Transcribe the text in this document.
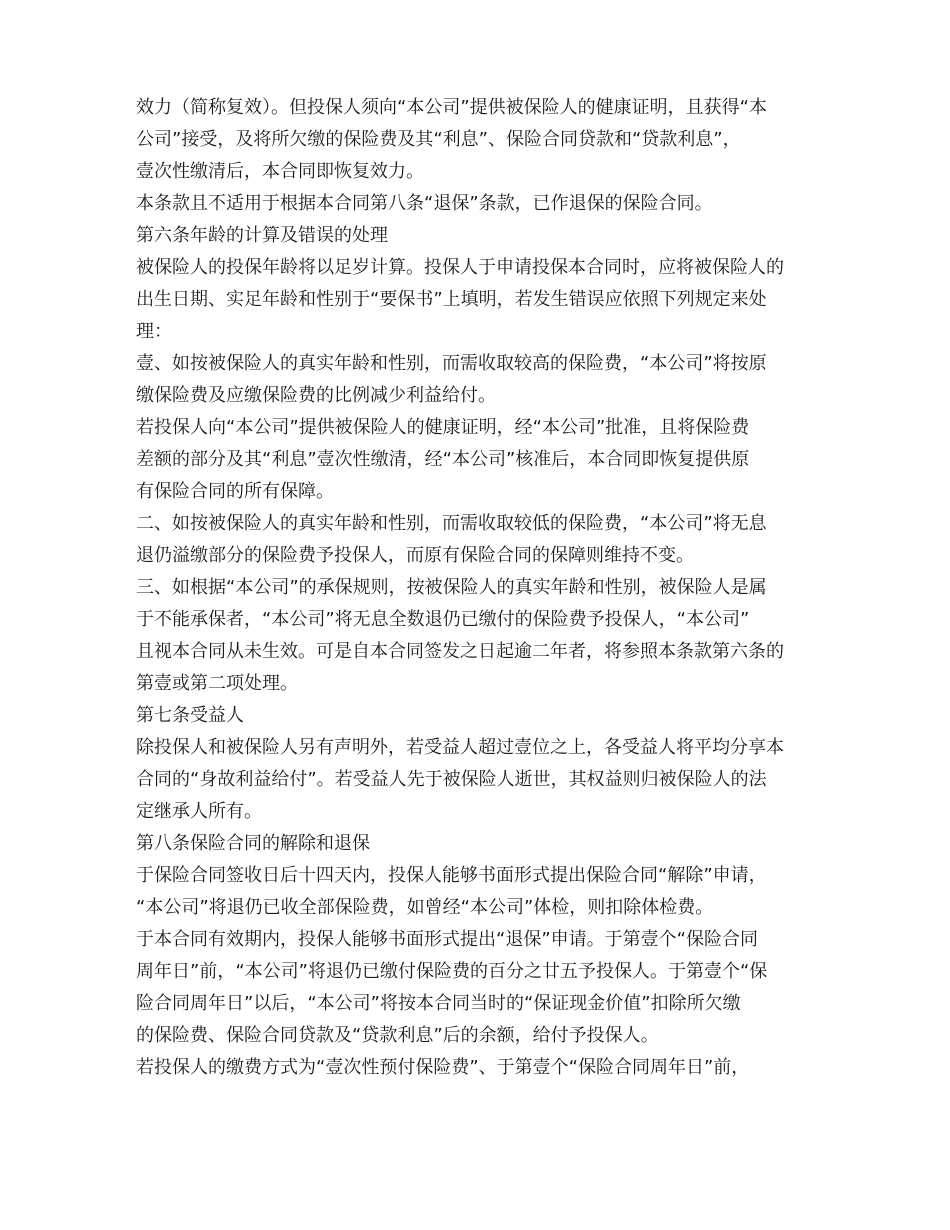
效力（简称复效）。但投保人须向“本公司”提供被保险人的健康证明，且获得“本
公司”接受，及将所欠缴的保险费及其“利息”、保险合同贷款和“贷款利息”，
壹次性缴清后，本合同即恢复效力。
本条款且不适用于根据本合同第八条“退保”条款，已作退保的保险合同。
第六条年龄的计算及错误的处理
被保险人的投保年龄将以足岁计算。投保人于申请投保本合同时，应将被保险人的
出生日期、实足年龄和性别于“要保书”上填明，若发生错误应依照下列规定来处
理：
壹、如按被保险人的真实年龄和性别，而需收取较高的保险费，“本公司”将按原
缴保险费及应缴保险费的比例减少利益给付。
若投保人向“本公司”提供被保险人的健康证明，经“本公司”批准，且将保险费
差额的部分及其“利息”壹次性缴清，经“本公司”核准后，本合同即恢复提供原
有保险合同的所有保障。
二、如按被保险人的真实年龄和性别，而需收取较低的保险费，“本公司”将无息
退仍溢缴部分的保险费予投保人，而原有保险合同的保障则维持不变。
三、如根据“本公司”的承保规则，按被保险人的真实年龄和性别，被保险人是属
于不能承保者，“本公司”将无息全数退仍已缴付的保险费予投保人，“本公司”
且视本合同从未生效。可是自本合同签发之日起逾二年者，将参照本条款第六条的
第壹或第二项处理。
第七条受益人
除投保人和被保险人另有声明外，若受益人超过壹位之上，各受益人将平均分享本
合同的“身故利益给付”。若受益人先于被保险人逝世，其权益则归被保险人的法
定继承人所有。
第八条保险合同的解除和退保
于保险合同签收日后十四天内，投保人能够书面形式提出保险合同“解除”申请，
“本公司”将退仍已收全部保险费，如曾经“本公司”体检，则扣除体检费。
于本合同有效期内，投保人能够书面形式提出“退保”申请。于第壹个“保险合同
周年日”前，“本公司”将退仍已缴付保险费的百分之廿五予投保人。于第壹个“保
险合同周年日”以后，“本公司”将按本合同当时的“保证现金价值”扣除所欠缴
的保险费、保险合同贷款及“贷款利息”后的余额，给付予投保人。
若投保人的缴费方式为“壹次性预付保险费”、于第壹个“保险合同周年日”前，
